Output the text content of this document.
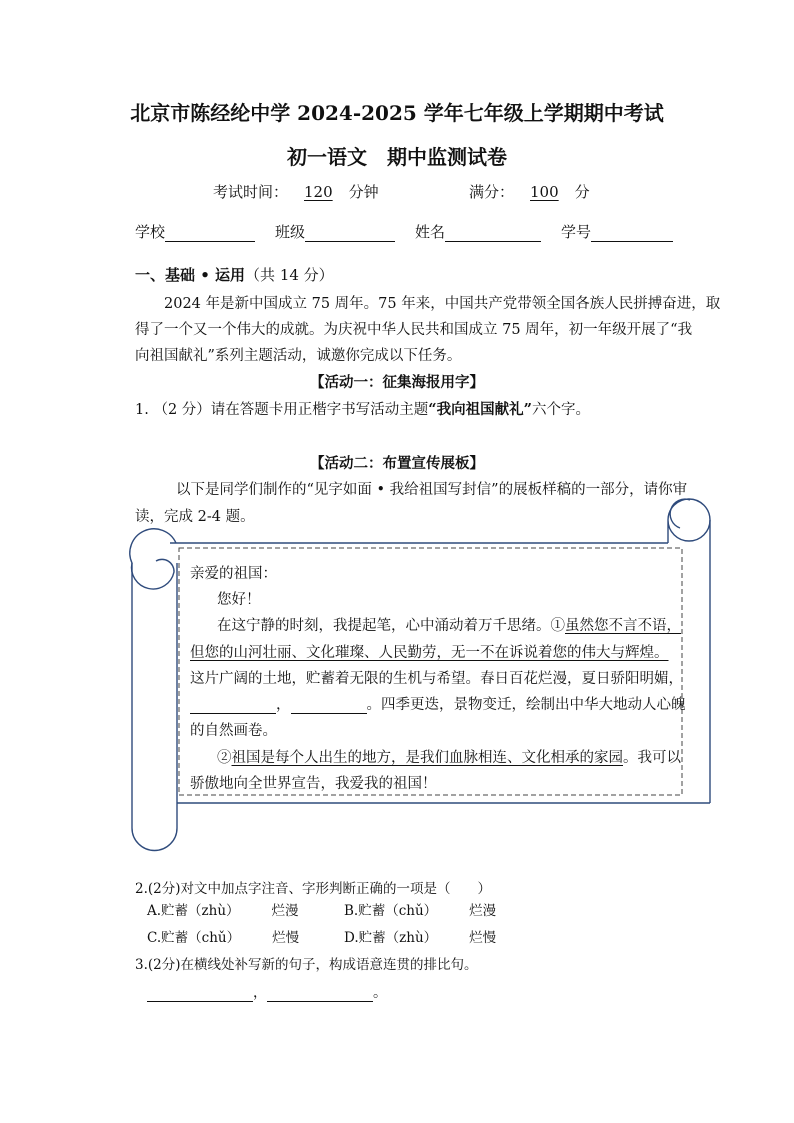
北京市陈经纶中学 2024-2025 学年七年级上学期期中考试
初一语文　期中监测试卷
考试时间： 120 分钟	满分： 100 分
学校	班级	姓名	学号
一、基础 • 运用（共 14 分）
2024 年是新中国成立 75 周年。75 年来，中国共产党带领全国各族人民拼搏奋进，取
得了一个又一个伟大的成就。为庆祝中华人民共和国成立 75 周年，初一年级开展了“我
向祖国献礼”系列主题活动，诚邀你完成以下任务。
【活动一：征集海报用字】
1. （2 分）请在答题卡用正楷字书写活动主题“我向祖国献礼”六个字。
【活动二：布置宣传展板】
以下是同学们制作的“见字如面 • 我给祖国写封信”的展板样稿的一部分，请你审
读，完成 2-4 题。
亲爱的祖国：
您好！
在这宁静的时刻，我提起笔，心中涌动着万千思绪。①虽然您不言不语，
但您的山河壮丽、文化璀璨、人民勤劳，无一不在诉说着您的伟大与辉煌。
这片广阔的土地，贮蓄着无限的生机与希望。春日百花烂漫，夏日骄阳明媚，
，	。四季更迭，景物变迁，绘制出中华大地动人心魄
的自然画卷。
②祖国是每个人出生的地方，是我们血脉相连、文化相承的家园。我可以
骄傲地向全世界宣告，我爱我的祖国！
2.(2分)对文中加点字注音、字形判断正确的一项是（　　）
A.贮蓄（zhù） 烂漫	B.贮蓄（chǔ） 烂漫
C.贮蓄（chǔ） 烂慢	D.贮蓄（zhù） 烂慢
3.(2分)在横线处补写新的句子，构成语意连贯的排比句。
，	。
